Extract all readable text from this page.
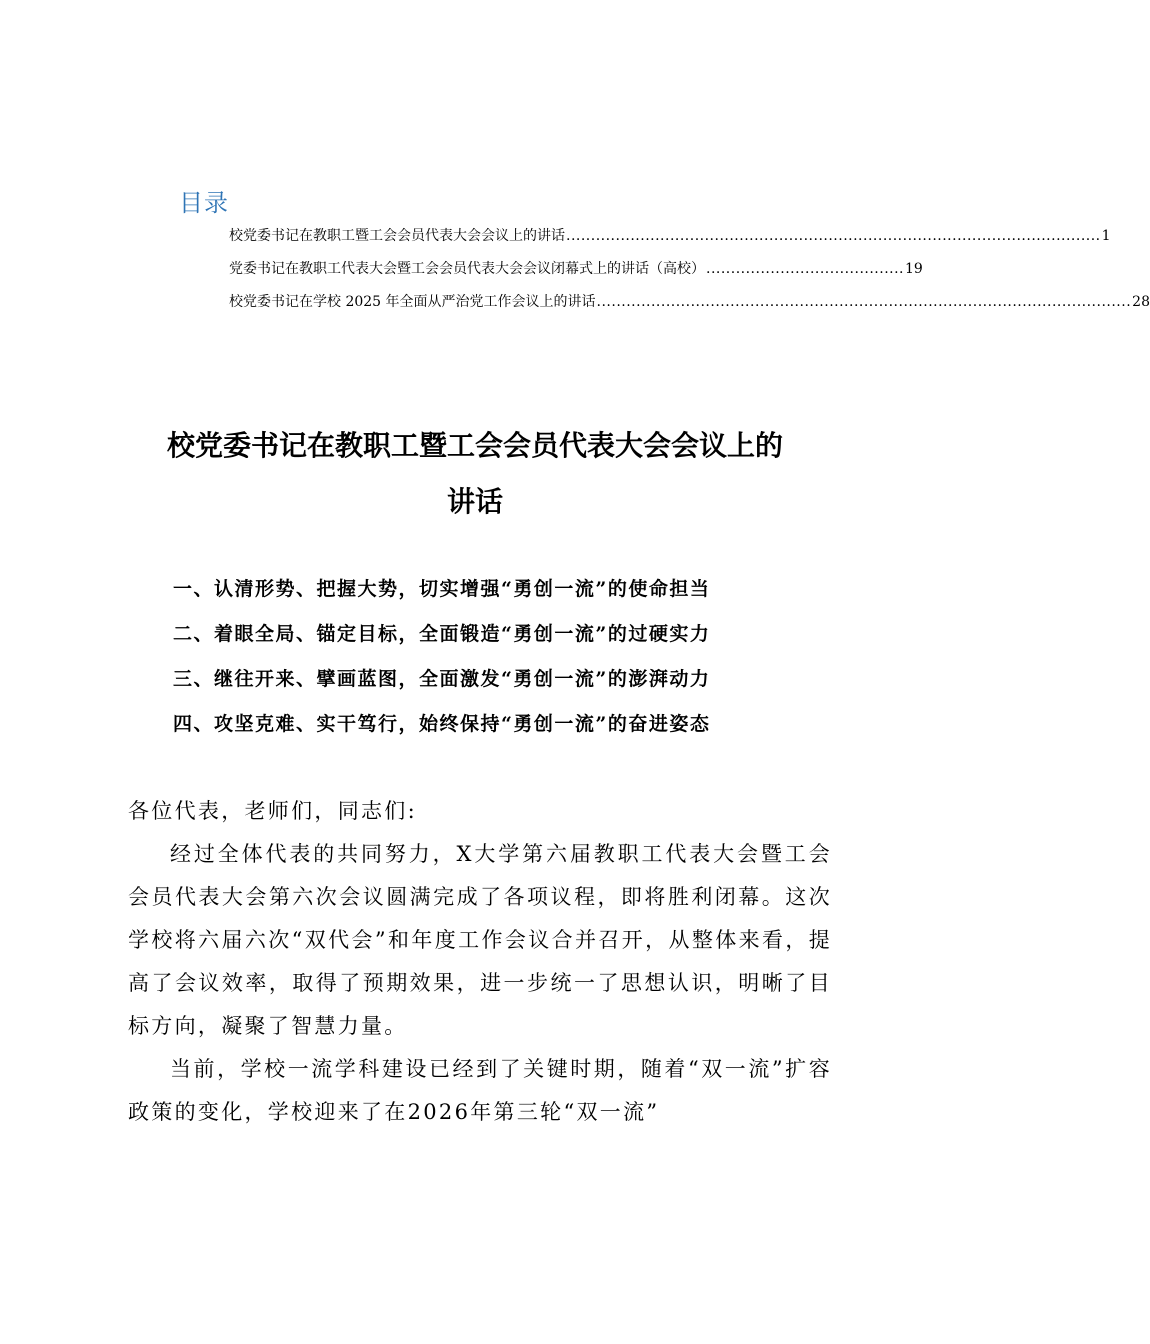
目录
校党委书记在教职工暨工会会员代表大会会议上的讲话 ............................................................................................................ 1
党委书记在教职工代表大会暨工会会员代表大会会议闭幕式上的讲话（高校） ........................................ 19
校党委书记在学校 2025 年全面从严治党工作会议上的讲话 ............................................................................................................ 28
校党委书记在教职工暨工会会员代表大会会议上的
讲话
一、认清形势、把握大势，切实增强“勇创一流”的使命担当
二、着眼全局、锚定目标，全面锻造“勇创一流”的过硬实力
三、继往开来、擘画蓝图，全面激发“勇创一流”的澎湃动力
四、攻坚克难、实干笃行，始终保持“勇创一流”的奋进姿态

各位代表，老师们，同志们:

经过全体代表的共同努力，X大学第六届教职工代表大会暨工会会员代表大会第六次会议圆满完成了各项议程，即将胜利闭幕。这次学校将六届六次“双代会”和年度工作会议合并召开，从整体来看，提高了会议效率，取得了预期效果，进一步统一了思想认识，明晰了目标方向，凝聚了智慧力量。

当前，学校一流学科建设已经到了关键时期，随着“双一流”扩容政策的变化，学校迎来了在2026年第三轮“双一流”
